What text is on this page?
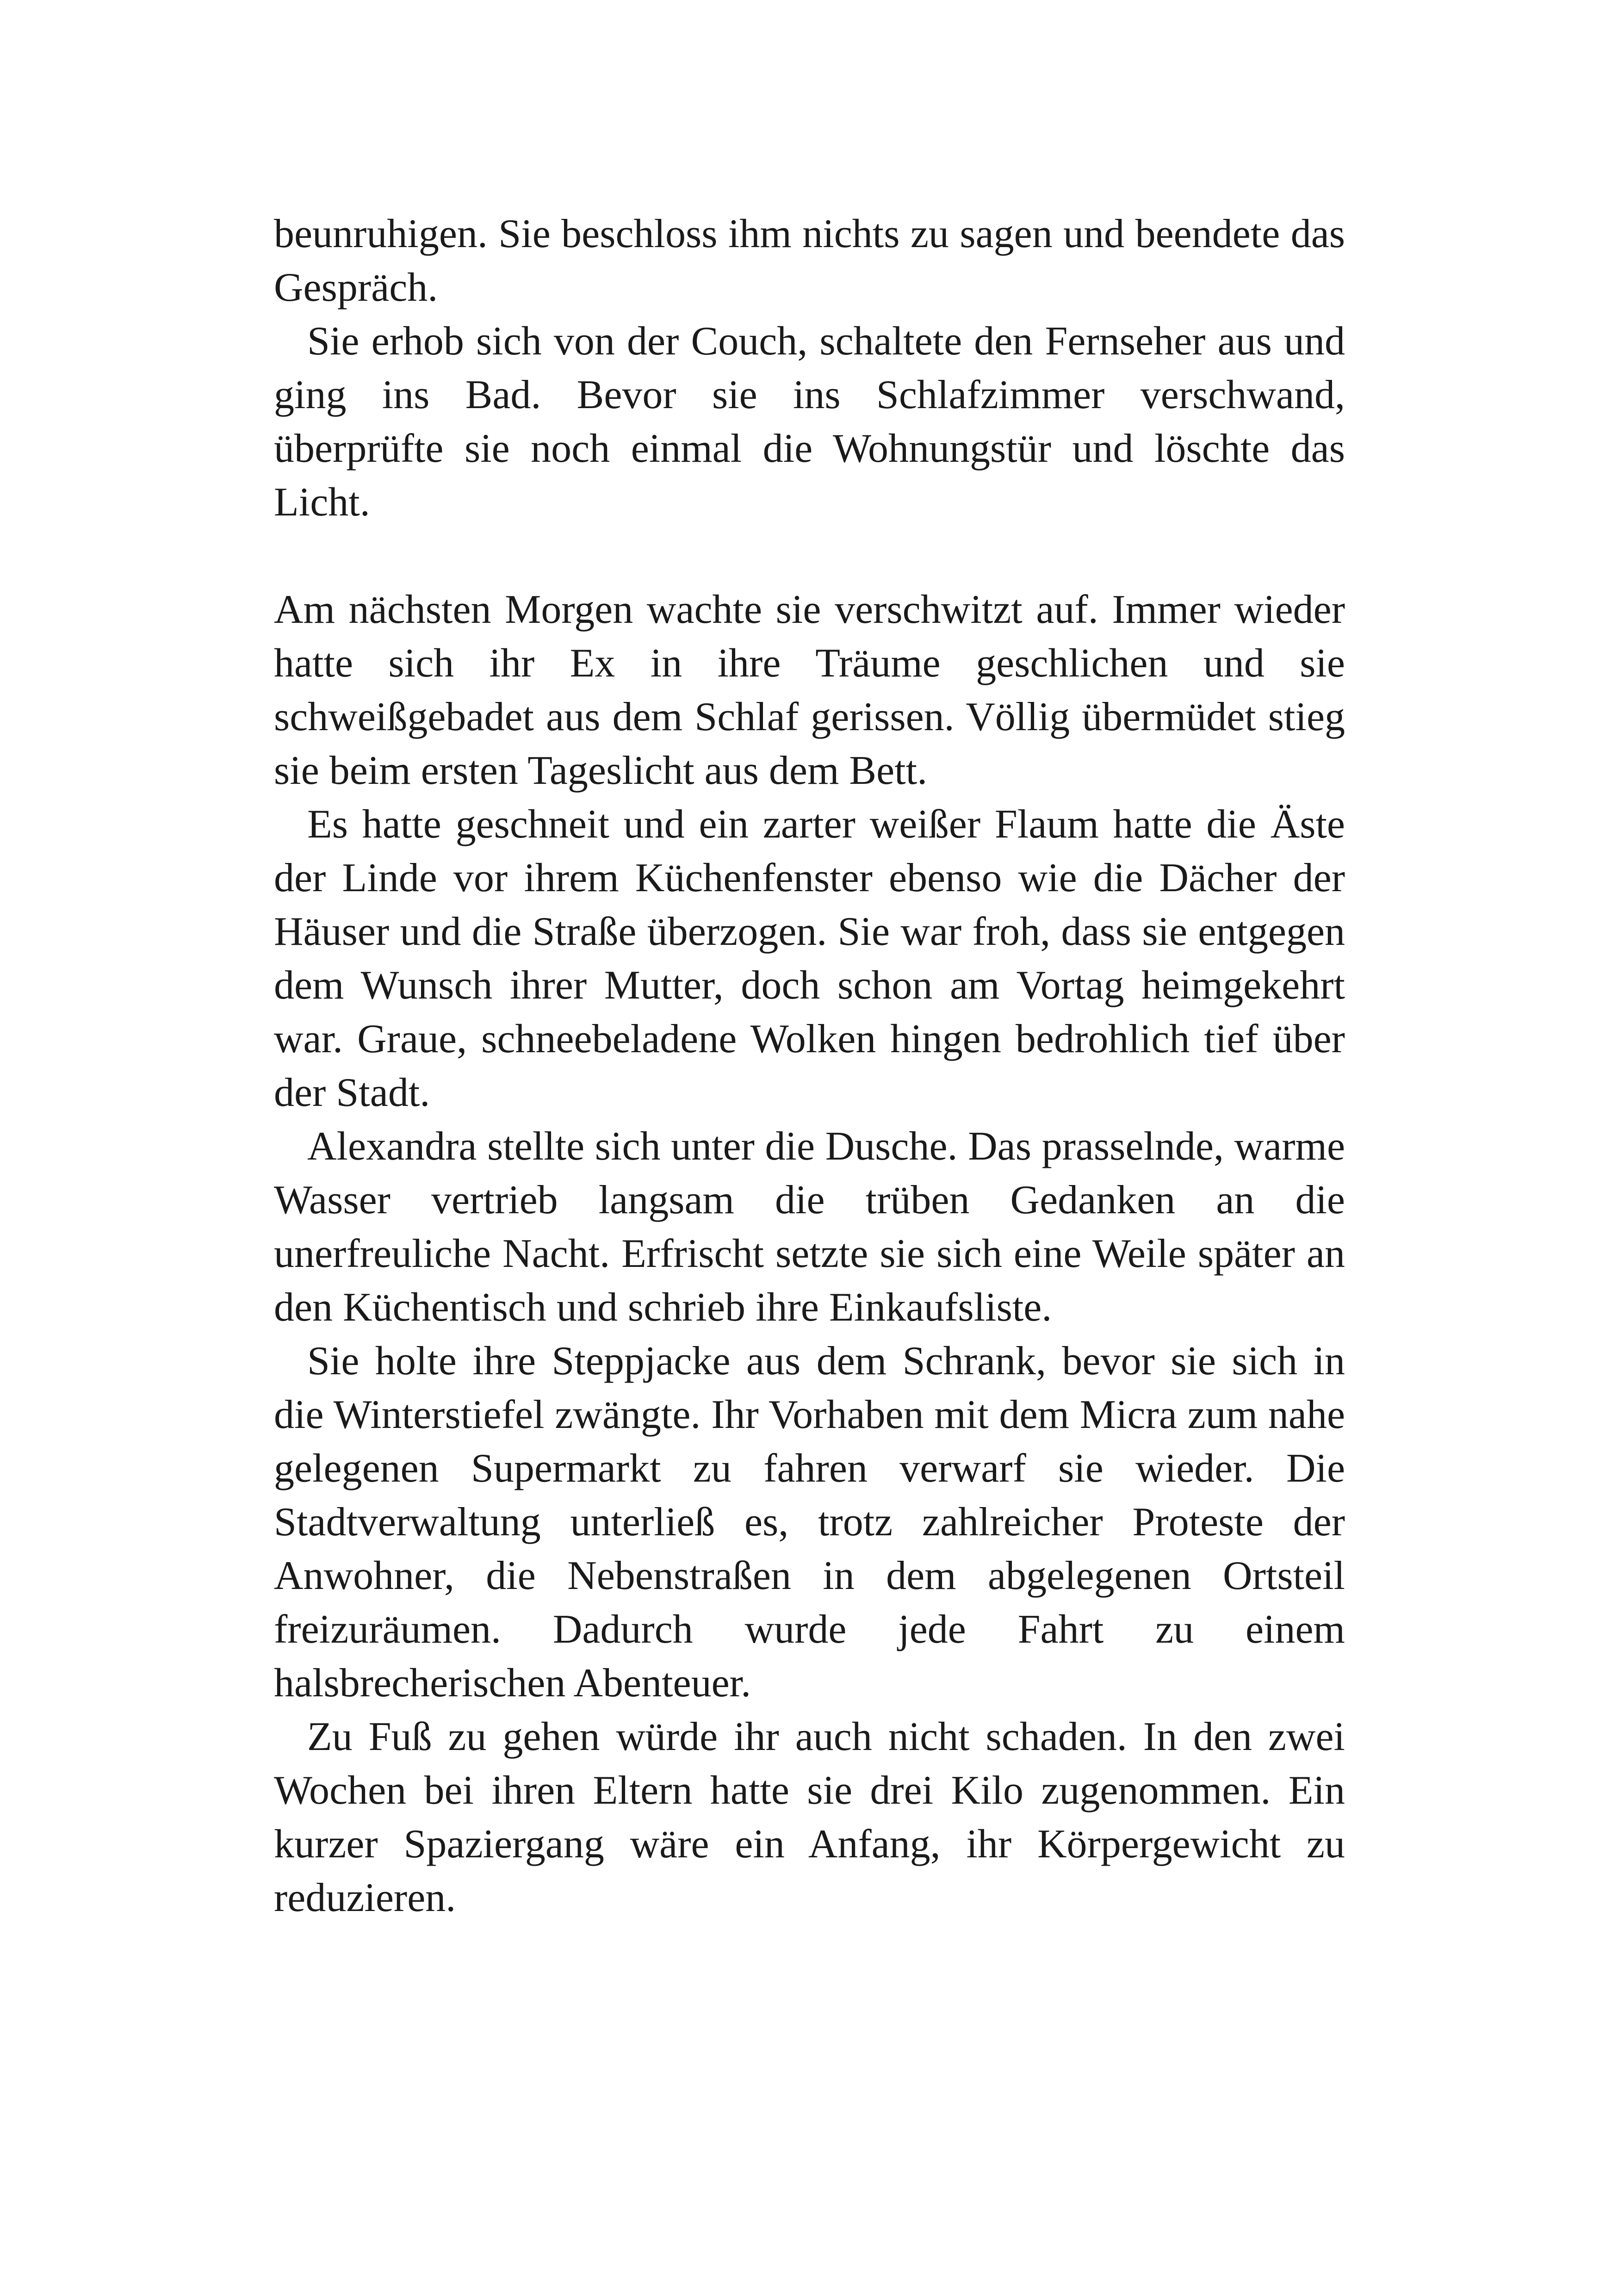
beunruhigen. Sie beschloss ihm nichts zu sagen und beendete das Gespräch.

Sie erhob sich von der Couch, schaltete den Fernseher aus und ging ins Bad. Bevor sie ins Schlafzimmer verschwand, überprüfte sie noch einmal die Wohnungstür und löschte das Licht.

Am nächsten Morgen wachte sie verschwitzt auf. Immer wieder hatte sich ihr Ex in ihre Träume geschlichen und sie schweißgebadet aus dem Schlaf gerissen. Völlig übermüdet stieg sie beim ersten Tageslicht aus dem Bett.

Es hatte geschneit und ein zarter weißer Flaum hatte die Äste der Linde vor ihrem Küchenfenster ebenso wie die Dächer der Häuser und die Straße überzogen. Sie war froh, dass sie entgegen dem Wunsch ihrer Mutter, doch schon am Vortag heimgekehrt war. Graue, schneebeladene Wolken hingen bedrohlich tief über der Stadt.

Alexandra stellte sich unter die Dusche. Das prasselnde, warme Wasser vertrieb langsam die trüben Gedanken an die unerfreuliche Nacht. Erfrischt setzte sie sich eine Weile später an den Küchentisch und schrieb ihre Einkaufsliste.

Sie holte ihre Steppjacke aus dem Schrank, bevor sie sich in die Winterstiefel zwängte. Ihr Vorhaben mit dem Micra zum nahe gelegenen Supermarkt zu fahren verwarf sie wieder. Die Stadtverwaltung unterließ es, trotz zahlreicher Proteste der Anwohner, die Nebenstraßen in dem abgelegenen Ortsteil freizuräumen. Dadurch wurde jede Fahrt zu einem halsbrecherischen Abenteuer.

Zu Fuß zu gehen würde ihr auch nicht schaden. In den zwei Wochen bei ihren Eltern hatte sie drei Kilo zugenommen. Ein kurzer Spaziergang wäre ein Anfang, ihr Körpergewicht zu reduzieren.
